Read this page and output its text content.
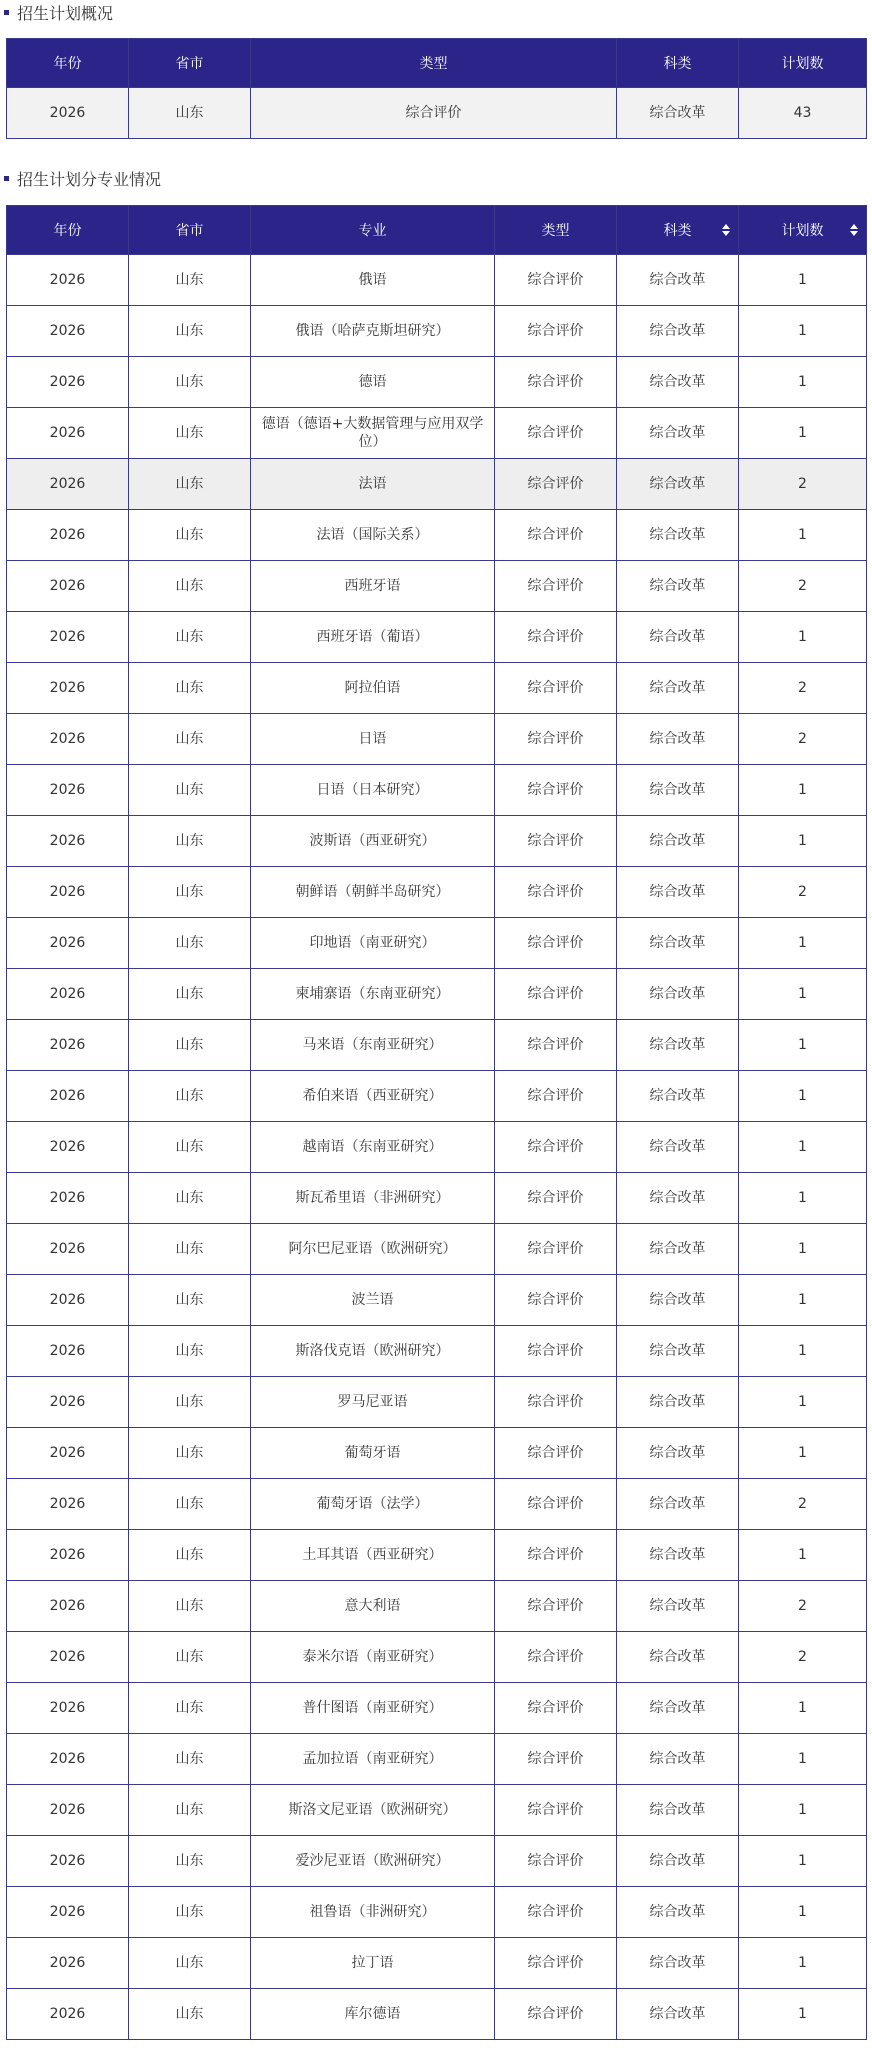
招生计划概况
年份	省市	类型	科类	计划数
2026	山东	综合评价	综合改革	43
招生计划分专业情况
年份	省市	专业	类型	科类	计划数

2026	山东	俄语	综合评价	综合改革	1
2026	山东	俄语（哈萨克斯坦研究）	综合评价	综合改革	1
2026	山东	德语	综合评价	综合改革	1
2026	山东	德语（德语+大数据管理与应用双学位）	综合评价	综合改革	1
2026	山东	法语	综合评价	综合改革	2
2026	山东	法语（国际关系）	综合评价	综合改革	1
2026	山东	西班牙语	综合评价	综合改革	2
2026	山东	西班牙语（葡语）	综合评价	综合改革	1
2026	山东	阿拉伯语	综合评价	综合改革	2
2026	山东	日语	综合评价	综合改革	2
2026	山东	日语（日本研究）	综合评价	综合改革	1
2026	山东	波斯语（西亚研究）	综合评价	综合改革	1
2026	山东	朝鲜语（朝鲜半岛研究）	综合评价	综合改革	2
2026	山东	印地语（南亚研究）	综合评价	综合改革	1
2026	山东	柬埔寨语（东南亚研究）	综合评价	综合改革	1
2026	山东	马来语（东南亚研究）	综合评价	综合改革	1
2026	山东	希伯来语（西亚研究）	综合评价	综合改革	1
2026	山东	越南语（东南亚研究）	综合评价	综合改革	1
2026	山东	斯瓦希里语（非洲研究）	综合评价	综合改革	1
2026	山东	阿尔巴尼亚语（欧洲研究）	综合评价	综合改革	1
2026	山东	波兰语	综合评价	综合改革	1
2026	山东	斯洛伐克语（欧洲研究）	综合评价	综合改革	1
2026	山东	罗马尼亚语	综合评价	综合改革	1
2026	山东	葡萄牙语	综合评价	综合改革	1
2026	山东	葡萄牙语（法学）	综合评价	综合改革	2
2026	山东	土耳其语（西亚研究）	综合评价	综合改革	1
2026	山东	意大利语	综合评价	综合改革	2
2026	山东	泰米尔语（南亚研究）	综合评价	综合改革	2
2026	山东	普什图语（南亚研究）	综合评价	综合改革	1
2026	山东	孟加拉语（南亚研究）	综合评价	综合改革	1
2026	山东	斯洛文尼亚语（欧洲研究）	综合评价	综合改革	1
2026	山东	爱沙尼亚语（欧洲研究）	综合评价	综合改革	1
2026	山东	祖鲁语（非洲研究）	综合评价	综合改革	1
2026	山东	拉丁语	综合评价	综合改革	1
2026	山东	库尔德语	综合评价	综合改革	1
